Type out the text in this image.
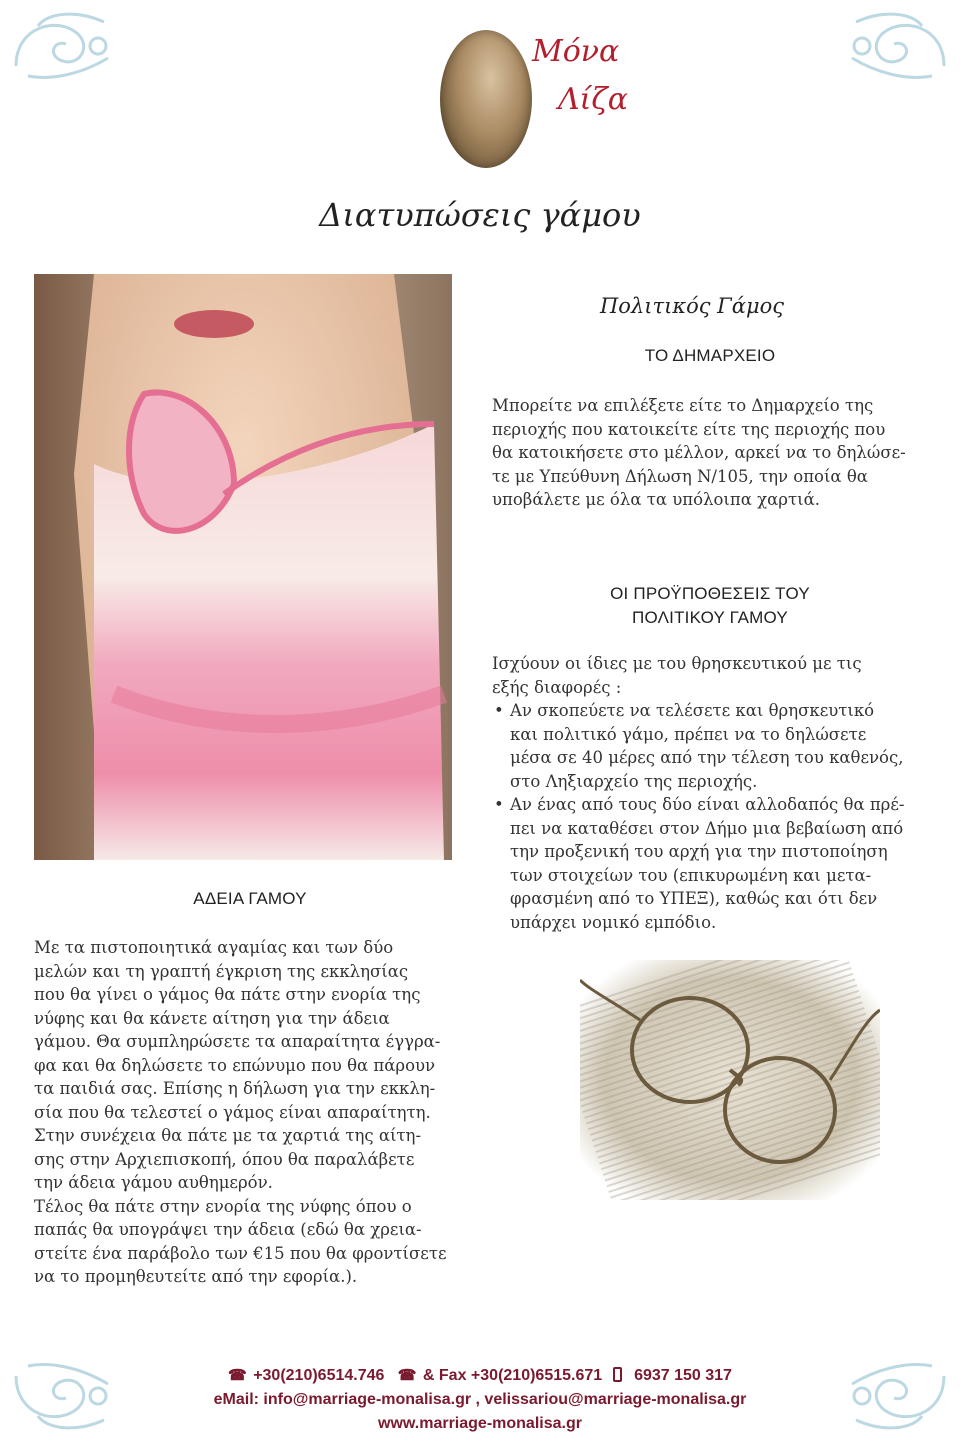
Μόνα
Λίζα
Διατυπώσεις γάμου
Πολιτικός Γάμος
ΤΟ ΔΗΜΑΡΧΕΙΟ

Μπορείτε να επιλέξετε είτε το Δημαρχείο της

περιοχής που κατοικείτε είτε της περιοχής που

θα κατοικήσετε στο μέλλον, αρκεί να το δηλώσε-

τε με Υπεύθυνη Δήλωση Ν/105, την οποία θα

υποβάλετε με όλα τα υπόλοιπα χαρτιά.

ΟΙ ΠΡΟΫΠΟΘΕΣΕΙΣ ΤΟΥ
ΠΟΛΙΤΙΚΟΥ ΓΑΜΟΥ

Ισχύουν οι ίδιες με του θρησκευτικού με τις

εξής διαφορές :

• Αν σκοπεύετε να τελέσετε και θρησκευτικό

και πολιτικό γάμο, πρέπει να το δηλώσετε

μέσα σε 40 μέρες από την τέλεση του καθενός,

στο Ληξιαρχείο της περιοχής.

• Αν ένας από τους δύο είναι αλλοδαπός θα πρέ-

πει να καταθέσει στον Δήμο μια βεβαίωση από

την προξενική του αρχή για την πιστοποίηση

των στοιχείων του (επικυρωμένη και μετα-

φρασμένη από το ΥΠΕΞ), καθώς και ότι δεν

υπάρχει νομικό εμπόδιο.

ΑΔΕΙΑ ΓΑΜΟΥ

Με τα πιστοποιητικά αγαμίας και των δύο

μελών και τη γραπτή έγκριση της εκκλησίας

που θα γίνει ο γάμος θα πάτε στην ενορία της

νύφης και θα κάνετε αίτηση για την άδεια

γάμου. Θα συμπληρώσετε τα απαραίτητα έγγρα-

φα και θα δηλώσετε το επώνυμο που θα πάρουν

τα παιδιά σας. Επίσης η δήλωση για την εκκλη-

σία που θα τελεστεί ο γάμος είναι απαραίτητη.

Στην συνέχεια θα πάτε με τα χαρτιά της αίτη-

σης στην Αρχιεπισκοπή, όπου θα παραλάβετε

την άδεια γάμου αυθημερόν.

Τέλος θα πάτε στην ενορία της νύφης όπου ο

παπάς θα υπογράψει την άδεια (εδώ θα χρεια-

στείτε ένα παράβολο των €15 που θα φροντίσετε

να το προμηθευτείτε από την εφορία.).

☎ +30(210)6514.746 ☎ & Fax +30(210)6515.671 6937 150 317
eMail: info@marriage-monalisa.gr , velissariou@marriage-monalisa.gr
www.marriage-monalisa.gr
